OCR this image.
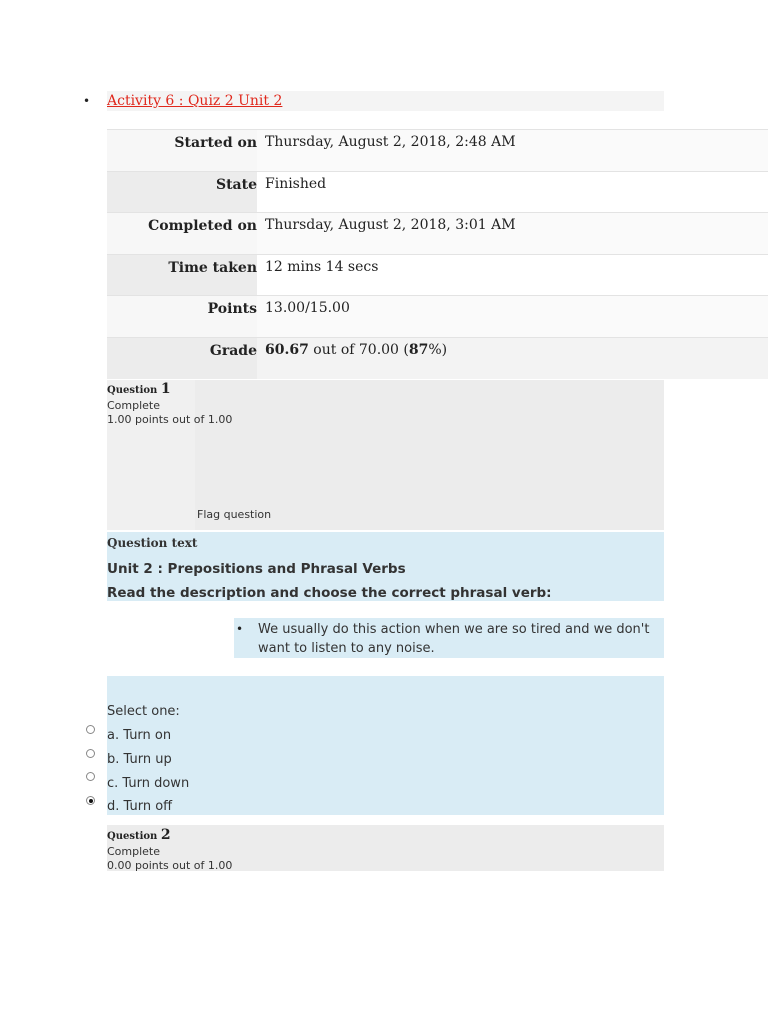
• Activity 6 : Quiz 2 Unit 2
Started on Thursday, August 2, 2018, 2:48 AM
State Finished
Completed on Thursday, August 2, 2018, 3:01 AM
Time taken 12 mins 14 secs
Points 13.00/15.00
Grade 60.67 out of 70.00 (87%)
Question 1
Complete
1.00 points out of 1.00
Flag question
Question text
Unit 2 : Prepositions and Phrasal Verbs
Read the description and choose the correct phrasal verb:
• We usually do this action when we are so tired and we don't want to listen to any noise.
Select one:
a. Turn on
b. Turn up
c. Turn down
d. Turn off
Question 2
Complete
0.00 points out of 1.00
